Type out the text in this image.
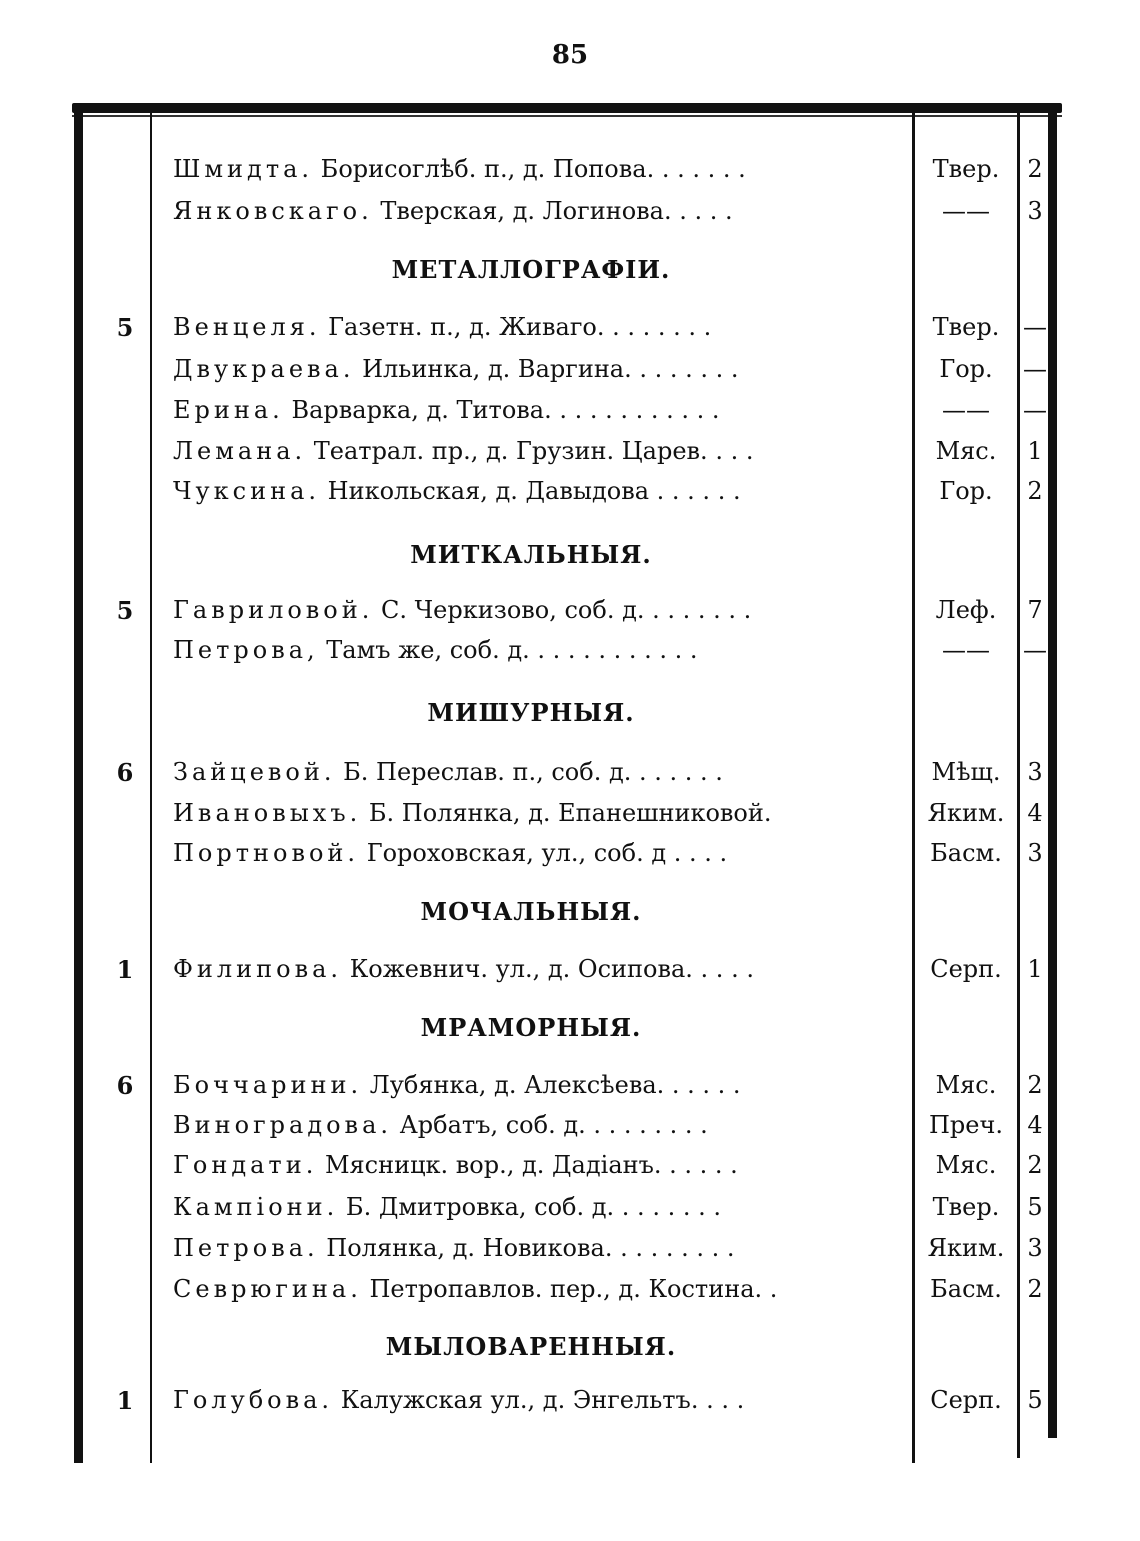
85
Шмидта. Борисоглѣб. п., д. Попова. . . . . . .	Твер.	2
Янковскаго. Тверская, д. Логинова. . . . .	——	3
МЕТАЛЛОГРАФІИ.
5	Венцеля. Газетн. п., д. Живаго. . . . . . . .	Твер. —
Двукраева. Ильинка, д. Варгина. . . . . . . .	Гор.	—
Ерина. Варварка, д. Титова. . . . . . . . . . . .	——	—
Лемана. Театрал. пр., д. Грузин. Царев. . . .	Мяс.	1
Чуксина. Никольская, д. Давыдова . . . . . .	Гор.	2
МИТКАЛЬНЫЯ.
5	Гавриловой. С. Черкизово, соб. д. . . . . . . .	Леф.	7
Петрова, Тамъ же, соб. д. . . . . . . . . . . .	——	—
МИШУРНЫЯ.
6	Зайцевой. Б. Переслав. п., соб. д. . . . . . .	Мѣщ.	3
Ивановыхъ. Б. Полянка, д. Епанешниковой.	Яким. 4
Портновой. Гороховская, ул., соб. д . . . .	Басм.	3
МОЧАЛЬНЫЯ.
1	Филипова. Кожевнич. ул., д. Осипова. . . . .	Серп.	1
МРАМОРНЫЯ.
6	Боччарини. Лубянка, д. Алексѣева. . . . . .	Мяс.	2
Виноградова. Арбатъ, соб. д. . . . . . . . .	Преч.	4
Гондати. Мясницк. вор., д. Дадіанъ. . . . . .	Мяс.	2
Кампіони. Б. Дмитровка, соб. д. . . . . . . .	Твер.	5
Петрова. Полянка, д. Новикова. . . . . . . . .	Яким. 3
Севрюгина. Петропавлов. пер., д. Костина. .	Басм.	2
МЫЛОВАРЕННЫЯ.
1	Голубова. Калужская ул., д. Энгельтъ. . . .	Серп.	5
